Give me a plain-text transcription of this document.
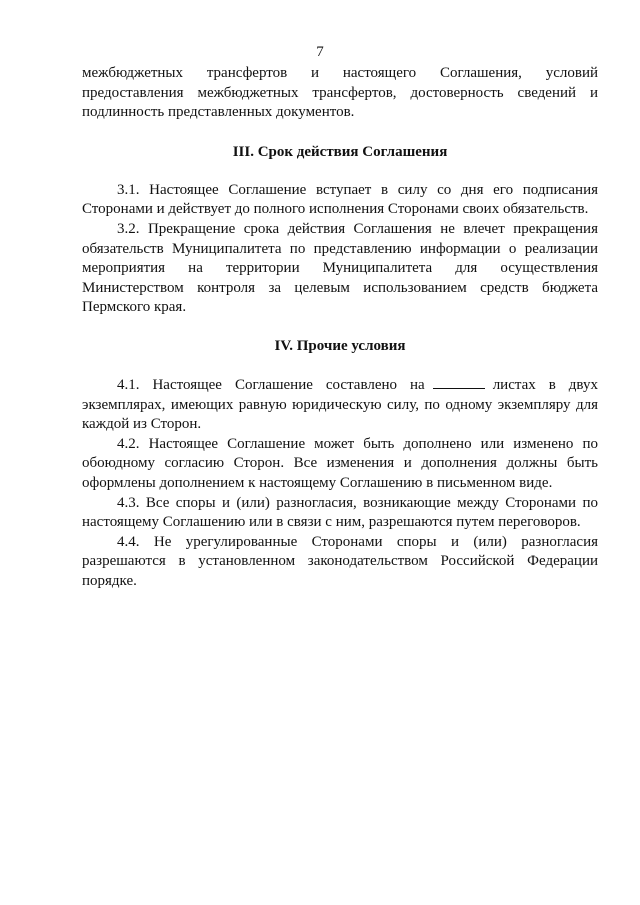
7

межбюджетных трансфертов и настоящего Соглашения, условий предоставления межбюджетных трансфертов, достоверность сведений и подлинность представленных документов.

III. Срок действия Соглашения

3.1. Настоящее Соглашение вступает в силу со дня его подписания Сторонами и действует до полного исполнения Сторонами своих обязательств.

3.2. Прекращение срока действия Соглашения не влечет прекращения обязательств Муниципалитета по представлению информации о реализации мероприятия на территории Муниципалитета для осуществления Министерством контроля за целевым использованием средств бюджета Пермского края.

IV. Прочие условия

4.1. Настоящее Соглашение составлено на	листах в двух экземплярах, имеющих равную юридическую силу, по одному экземпляру для каждой из Сторон.

4.2. Настоящее Соглашение может быть дополнено или изменено по обоюдному согласию Сторон. Все изменения и дополнения должны быть оформлены дополнением к настоящему Соглашению в письменном виде.

4.3. Все споры и (или) разногласия, возникающие между Сторонами по настоящему Соглашению или в связи с ним, разрешаются путем переговоров.

4.4. Не урегулированные Сторонами споры и (или) разногласия разрешаются в установленном законодательством Российской Федерации порядке.
